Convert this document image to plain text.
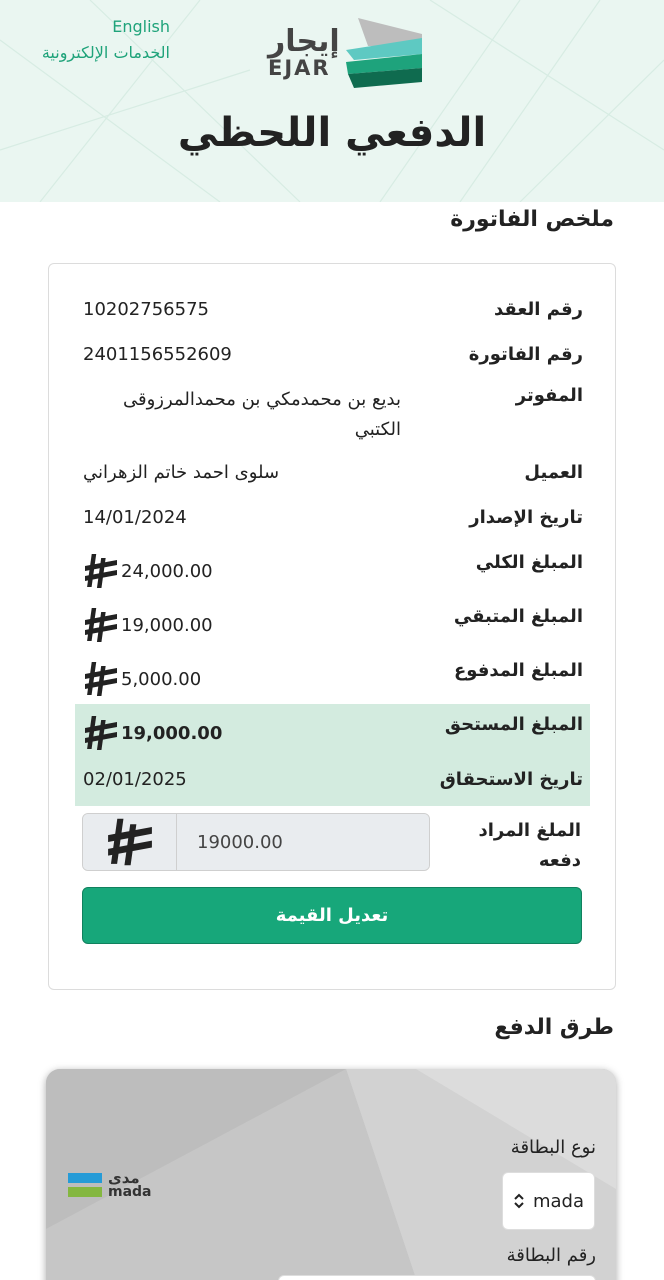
English
الخدمات الإلكترونية	إيجار
EJAR
الدفعي اللحظي
ملخص الفاتورة
رقم العقد
10202756575
رقم الفاتورة
2401156552609
المفوتر
بديع بن محمدمكي بن محمدالمرزوقى الكتبي
العميل
سلوى احمد خاتم الزهراني
تاريخ الإصدار
14/01/2024
المبلغ الكلي
24,000.00
المبلغ المتبقي
19,000.00
المبلغ المدفوع
5,000.00
المبلغ المستحق
19,000.00
تاريخ الاستحقاق
02/01/2025
الملغ المراد دفعه
19000.00
تعديل القيمة
طرق الدفع
مدى
mada
نوع البطاقة
mada
رقم البطاقة
